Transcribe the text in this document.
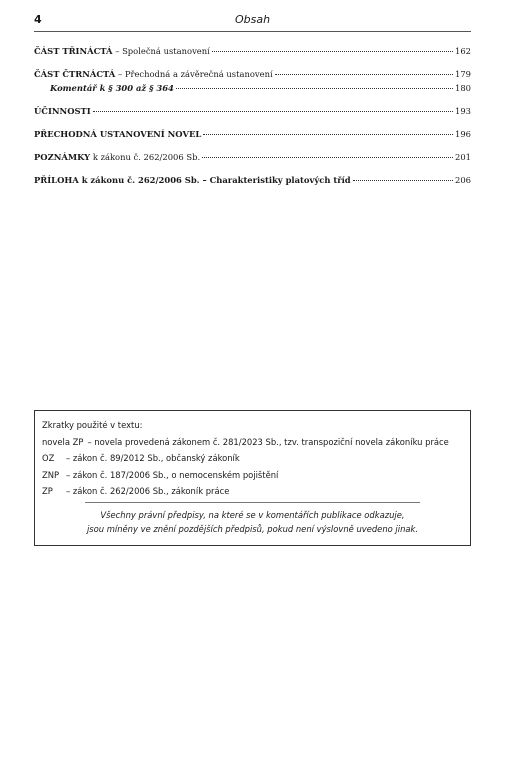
4	Obsah
ČÁST TŘINÁCTÁ – Společná ustanovení	162
ČÁST ČTRNÁCTÁ – Přechodná a závěrečná ustanovení	179
Komentář k § 300 až § 364	180
ÚČINNOSTI	193
PŘECHODNÁ USTANOVENÍ NOVEL	196
POZNÁMKY k zákonu č. 262/2006 Sb.	201
PŘÍLOHA k zákonu č. 262/2006 Sb. – Charakteristiky platových tříd	206
Zkratky použité v textu:
novela ZP – novela provedená zákonem č. 281/2023 Sb., tzv. transpoziční novela zákoníku práce
OZ – zákon č. 89/2012 Sb., občanský zákoník
ZNP – zákon č. 187/2006 Sb., o nemocenském pojištění
ZP – zákon č. 262/2006 Sb., zákoník práce
Všechny právní předpisy, na které se v komentářích publikace odkazuje,
jsou míněny ve znění pozdějších předpisů, pokud není výslovně uvedeno jinak.
